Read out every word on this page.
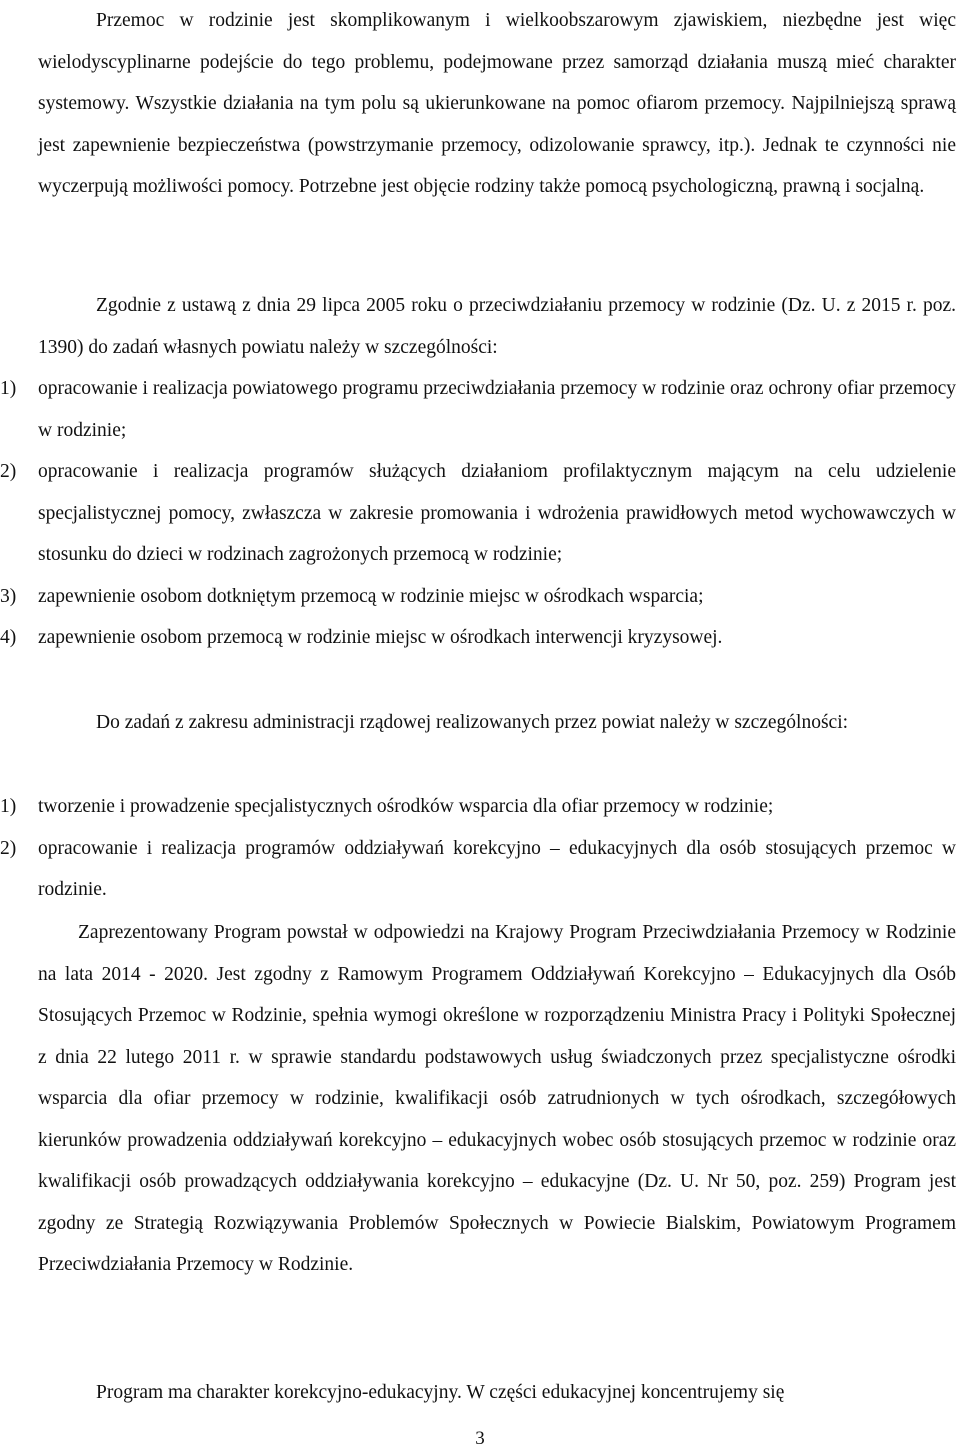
Przemoc w rodzinie jest skomplikowanym i wielkoobszarowym zjawiskiem, niezbędne jest więc wielodyscyplinarne podejście do tego problemu, podejmowane przez samorząd działania muszą mieć charakter systemowy. Wszystkie działania na tym polu są ukierunkowane na pomoc ofiarom przemocy. Najpilniejszą sprawą jest zapewnienie bezpieczeństwa (powstrzymanie przemocy, odizolowanie sprawcy, itp.). Jednak te czynności nie wyczerpują możliwości pomocy. Potrzebne jest objęcie rodziny także pomocą psychologiczną, prawną i socjalną.

Zgodnie z ustawą z dnia 29 lipca 2005 roku o przeciwdziałaniu przemocy w rodzinie (Dz. U. z 2015 r. poz. 1390) do zadań własnych powiatu należy w szczególności:

1) opracowanie i realizacja powiatowego programu przeciwdziałania przemocy w rodzinie oraz ochrony ofiar przemocy w rodzinie;
2) opracowanie i realizacja programów służących działaniom profilaktycznym mającym na celu udzielenie specjalistycznej pomocy, zwłaszcza w zakresie promowania i wdrożenia prawidłowych metod wychowawczych w stosunku do dzieci w rodzinach zagrożonych przemocą w rodzinie;
3) zapewnienie osobom dotkniętym przemocą w rodzinie miejsc w ośrodkach wsparcia;
4) zapewnienie osobom przemocą w rodzinie miejsc w ośrodkach interwencji kryzysowej.

Do zadań z zakresu administracji rządowej realizowanych przez powiat należy w szczególności:

1) tworzenie i prowadzenie specjalistycznych ośrodków wsparcia dla ofiar przemocy w rodzinie;
2) opracowanie i realizacja programów oddziaływań korekcyjno – edukacyjnych dla osób stosujących przemoc w rodzinie.

Zaprezentowany Program powstał w odpowiedzi na Krajowy Program Przeciwdziałania Przemocy w Rodzinie na lata 2014 - 2020. Jest zgodny z Ramowym Programem Oddziaływań Korekcyjno – Edukacyjnych dla Osób Stosujących Przemoc w Rodzinie, spełnia wymogi określone w rozporządzeniu Ministra Pracy i Polityki Społecznej z dnia 22 lutego 2011 r. w sprawie standardu podstawowych usług świadczonych przez specjalistyczne ośrodki wsparcia dla ofiar przemocy w rodzinie, kwalifikacji osób zatrudnionych w tych ośrodkach, szczegółowych kierunków prowadzenia oddziaływań korekcyjno – edukacyjnych wobec osób stosujących przemoc w rodzinie oraz kwalifikacji osób prowadzących oddziaływania korekcyjno – edukacyjne (Dz. U. Nr 50, poz. 259) Program jest zgodny ze Strategią Rozwiązywania Problemów Społecznych w Powiecie Bialskim, Powiatowym Programem Przeciwdziałania Przemocy w Rodzinie.

Program ma charakter korekcyjno-edukacyjny. W części edukacyjnej koncentrujemy się

3
